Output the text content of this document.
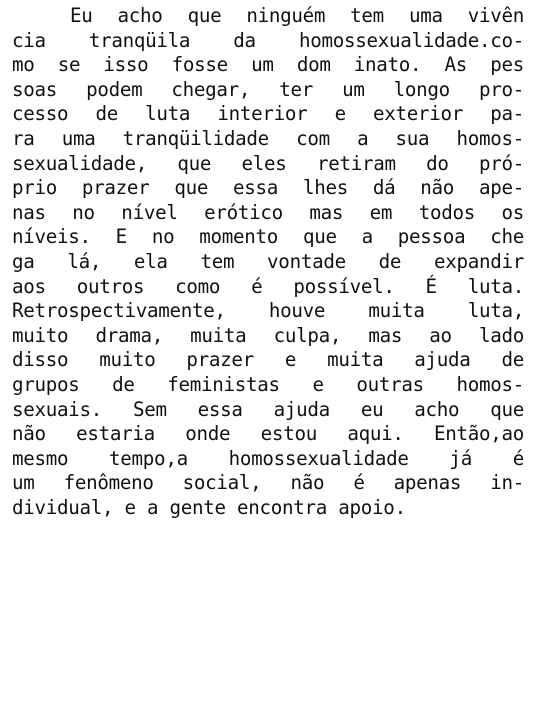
Eu acho que ninguém tem uma vivên
cia tranqüila da homossexualidade.co-
mo se isso fosse um dom inato. As pes
soas podem chegar, ter um longo pro-
cesso de luta interior e exterior pa-
ra uma tranqüilidade com a sua homos-
sexualidade, que eles retiram do pró-
prio prazer que essa lhes dá não ape-
nas no nível erótico mas em todos os
níveis. E no momento que a pessoa che
ga lá, ela tem vontade de expandir
aos outros como é possível. É luta.
Retrospectivamente, houve muita luta,
muito drama, muita culpa, mas ao lado
disso muito prazer e muita ajuda de
grupos de feministas e outras homos-
sexuais. Sem essa ajuda eu acho que
não estaria onde estou aqui. Então,ao
mesmo tempo,a homossexualidade já é
um fenômeno social, não é apenas in-
dividual, e a gente encontra apoio.
